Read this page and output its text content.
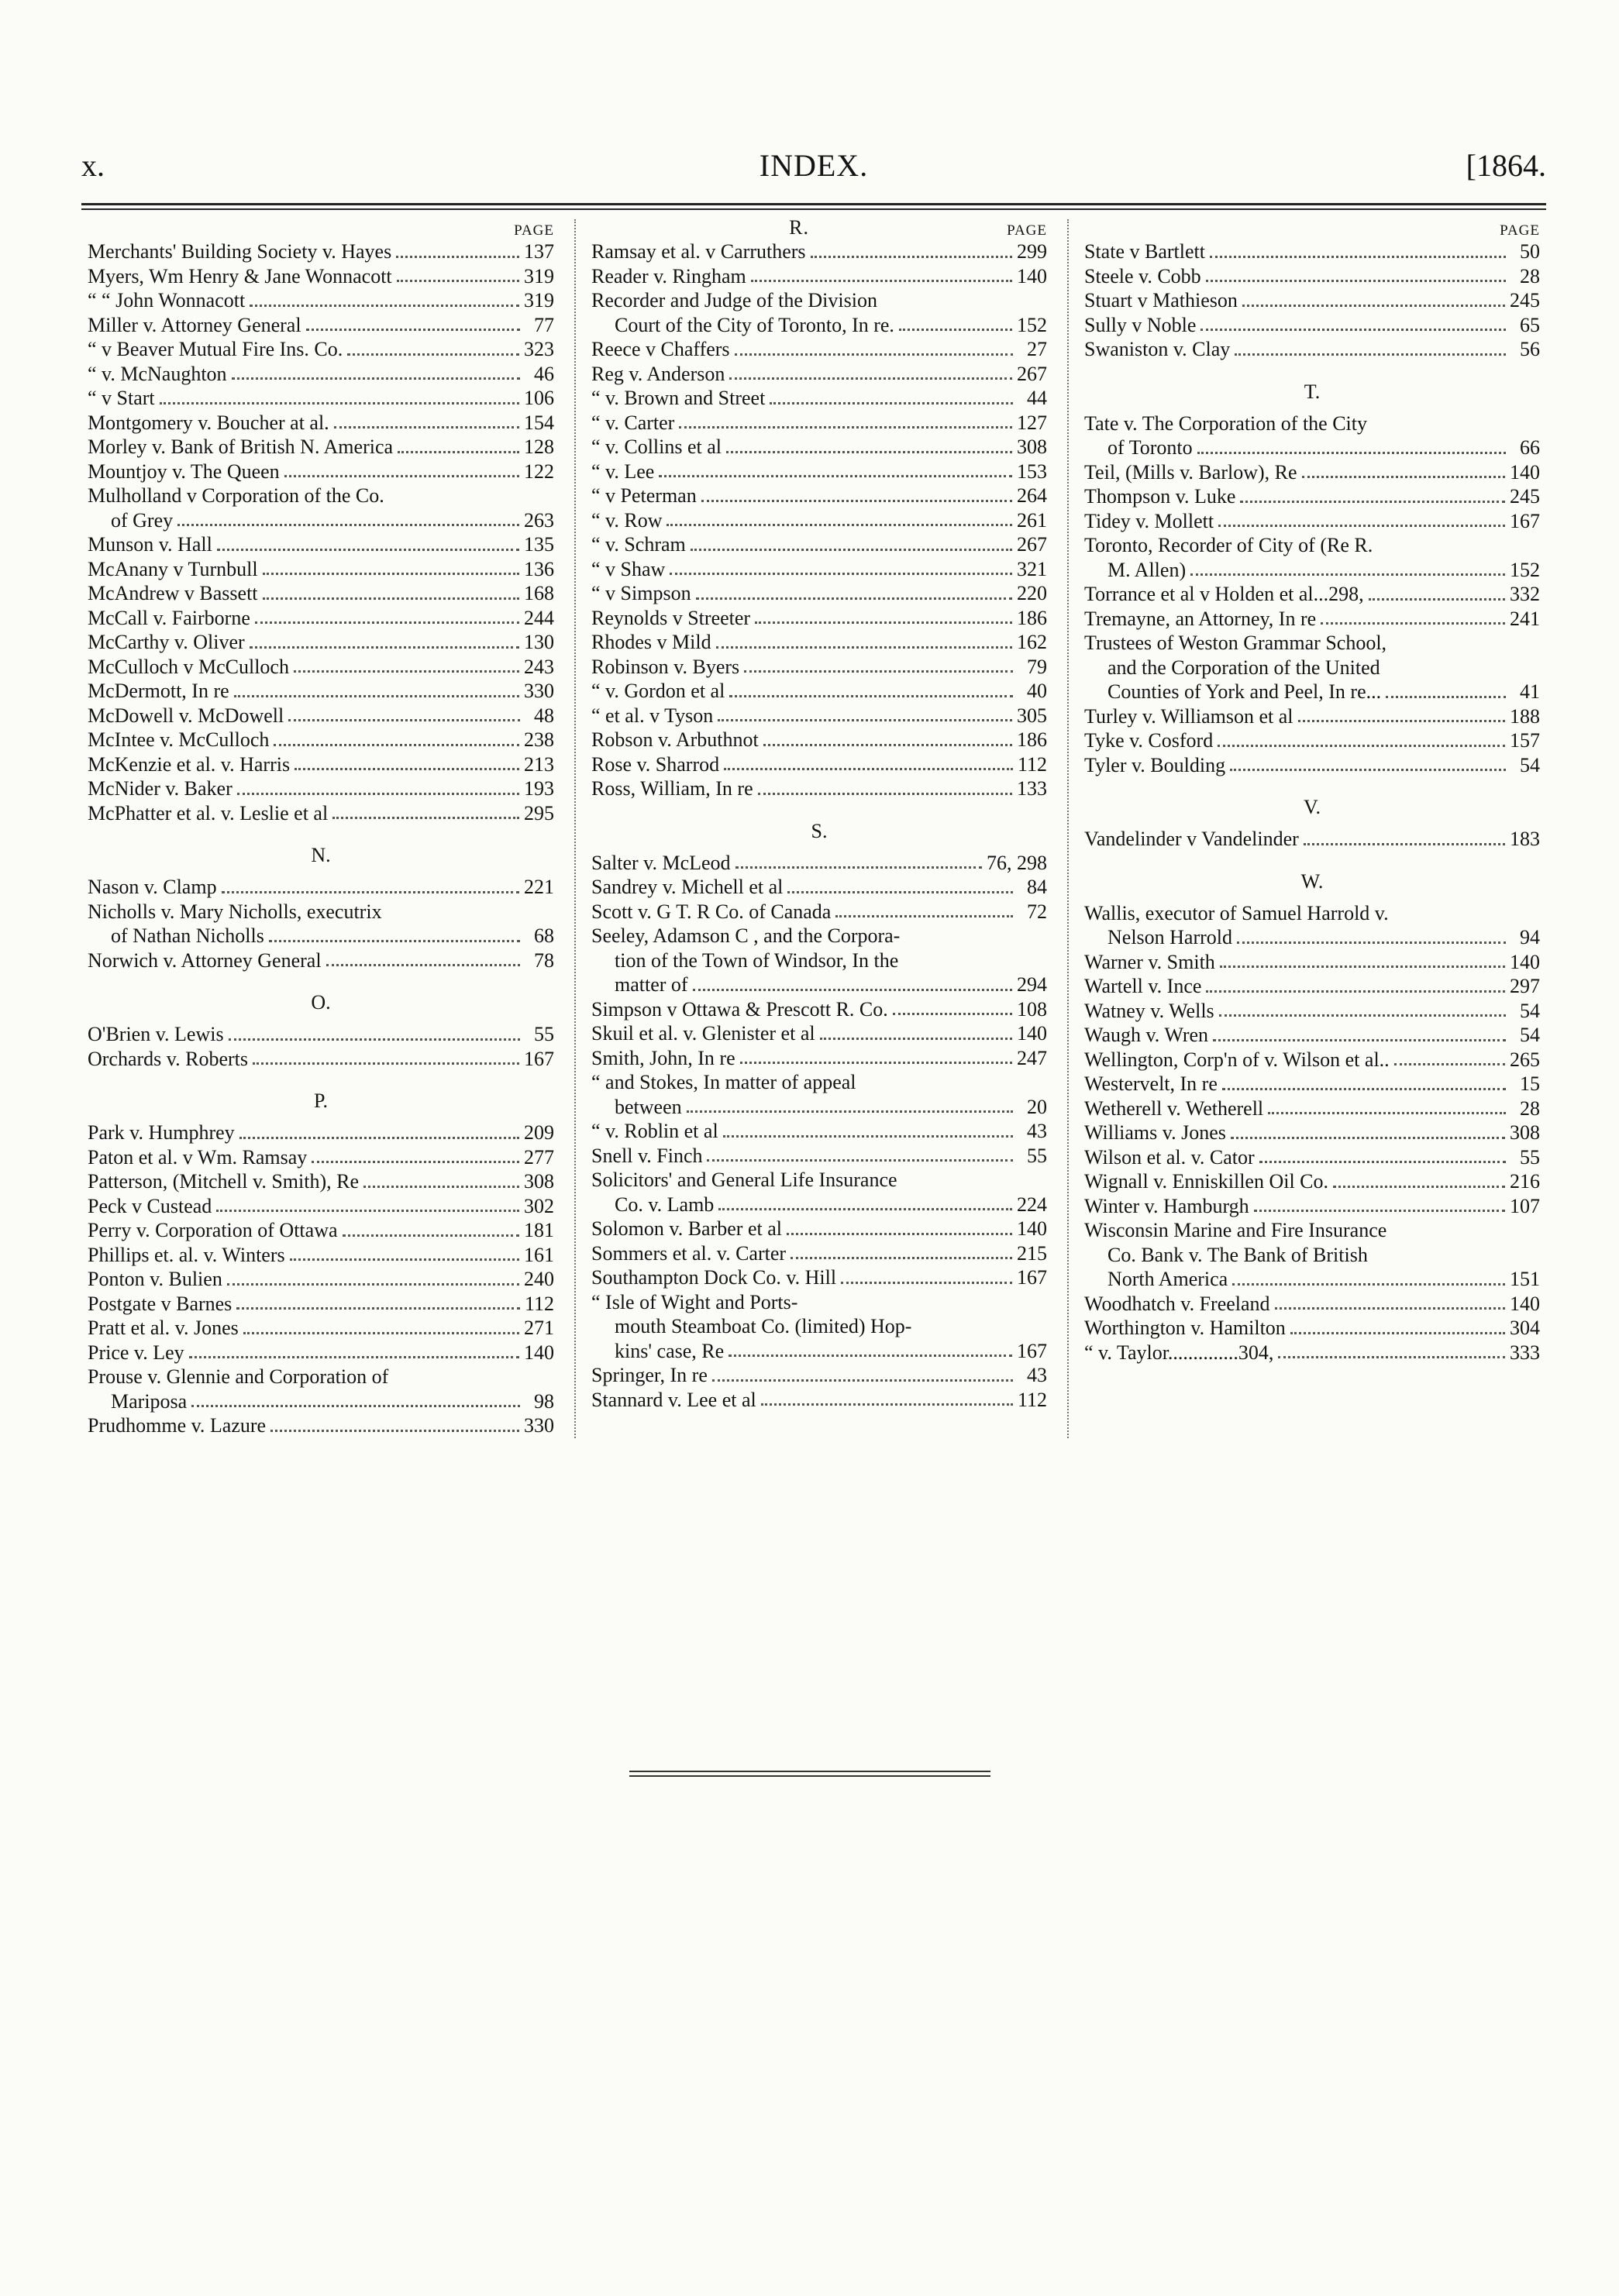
x.	INDEX.	[1864.
PAGE
Merchants' Building Society v. Hayes	137
Myers, Wm Henry & Jane Wonnacott	319
“ “ John Wonnacott	319
Miller v. Attorney General	77
“ v Beaver Mutual Fire Ins. Co.	323
“ v. McNaughton	46
“ v Start	106
Montgomery v. Boucher at al.	154
Morley v. Bank of British N. America	128
Mountjoy v. The Queen	122
Mulholland v Corporation of the Co.
of Grey	263
Munson v. Hall	135
McAnany v Turnbull	136
McAndrew v Bassett	168
McCall v. Fairborne	244
McCarthy v. Oliver	130
McCulloch v McCulloch	243
McDermott, In re	330
McDowell v. McDowell	48
McIntee v. McCulloch	238
McKenzie et al. v. Harris	213
McNider v. Baker	193
McPhatter et al. v. Leslie et al	295
N.
Nason v. Clamp	221
Nicholls v. Mary Nicholls, executrix
of Nathan Nicholls	68
Norwich v. Attorney General	78
O.
O'Brien v. Lewis	55
Orchards v. Roberts	167
P.
Park v. Humphrey	209
Paton et al. v Wm. Ramsay	277
Patterson, (Mitchell v. Smith), Re	308
Peck v Custead	302
Perry v. Corporation of Ottawa	181
Phillips et. al. v. Winters	161
Ponton v. Bulien	240
Postgate v Barnes	112
Pratt et al. v. Jones	271
Price v. Ley	140
Prouse v. Glennie and Corporation of
Mariposa	98
Prudhomme v. Lazure	330
R.	PAGE
Ramsay et al. v Carruthers	299
Reader v. Ringham	140
Recorder and Judge of the Division
Court of the City of Toronto, In re.	152
Reece v Chaffers	27
Reg v. Anderson	267
“ v. Brown and Street	44
“ v. Carter	127
“ v. Collins et al	308
“ v. Lee	153
“ v Peterman	264
“ v. Row	261
“ v. Schram	267
“ v Shaw	321
“ v Simpson	220
Reynolds v Streeter	186
Rhodes v Mild	162
Robinson v. Byers	79
“ v. Gordon et al	40
“ et al. v Tyson	305
Robson v. Arbuthnot	186
Rose v. Sharrod	112
Ross, William, In re	133
S.
Salter v. McLeod	76, 298
Sandrey v. Michell et al	84
Scott v. G T. R Co. of Canada	72
Seeley, Adamson C , and the Corpora-
tion of the Town of Windsor, In the
matter of	294
Simpson v Ottawa & Prescott R. Co.	108
Skuil et al. v. Glenister et al	140
Smith, John, In re	247
“ and Stokes, In matter of appeal
between	20
“ v. Roblin et al	43
Snell v. Finch	55
Solicitors' and General Life Insurance
Co. v. Lamb	224
Solomon v. Barber et al	140
Sommers et al. v. Carter	215
Southampton Dock Co. v. Hill	167
“ Isle of Wight and Ports-
mouth Steamboat Co. (limited) Hop-
kins' case, Re	167
Springer, In re	43
Stannard v. Lee et al	112
PAGE
State v Bartlett	50
Steele v. Cobb	28
Stuart v Mathieson	245
Sully v Noble	65
Swaniston v. Clay	56
T.
Tate v. The Corporation of the City
of Toronto	66
Teil, (Mills v. Barlow), Re	140
Thompson v. Luke	245
Tidey v. Mollett	167
Toronto, Recorder of City of (Re R.
M. Allen)	152
Torrance et al v Holden et al...298,	332
Tremayne, an Attorney, In re	241
Trustees of Weston Grammar School,
and the Corporation of the United
Counties of York and Peel, In re...	41
Turley v. Williamson et al	188
Tyke v. Cosford	157
Tyler v. Boulding	54
V.
Vandelinder v Vandelinder	183
W.
Wallis, executor of Samuel Harrold v.
Nelson Harrold	94
Warner v. Smith	140
Wartell v. Ince	297
Watney v. Wells	54
Waugh v. Wren	54
Wellington, Corp'n of v. Wilson et al..	265
Westervelt, In re	15
Wetherell v. Wetherell	28
Williams v. Jones	308
Wilson et al. v. Cator	55
Wignall v. Enniskillen Oil Co.	216
Winter v. Hamburgh	107
Wisconsin Marine and Fire Insurance
Co. Bank v. The Bank of British
North America	151
Woodhatch v. Freeland	140
Worthington v. Hamilton	304
“ v. Taylor..............304,	333
